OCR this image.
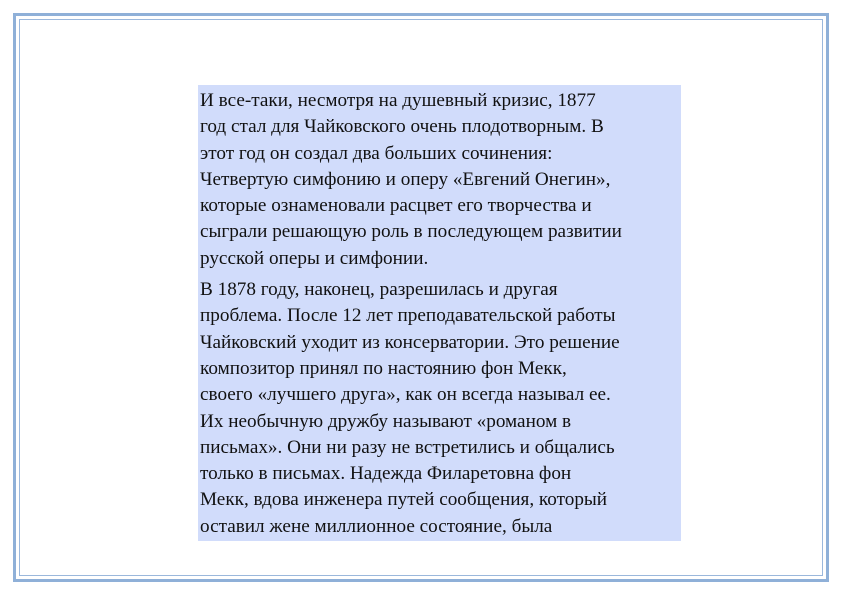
И все-таки, несмотря на душевный кризис, 1877
год стал для Чайковского очень плодотворным. В
этот год он создал два больших сочинения:
Четвертую симфонию и оперу «Евгений Онегин»,
которые ознаменовали расцвет его творчества и
сыграли решающую роль в последующем развитии
русской оперы и симфонии.

В 1878 году, наконец, разрешилась и другая
проблема. После 12 лет преподавательской работы
Чайковский уходит из консерватории. Это решение
композитор принял по настоянию фон Мекк,
своего «лучшего друга», как он всегда называл ее.
Их необычную дружбу называют «романом в
письмах». Они ни разу не встретились и общались
только в письмах. Надежда Филаретовна фон
Мекк, вдова инженера путей сообщения, который
оставил жене миллионное состояние, была
